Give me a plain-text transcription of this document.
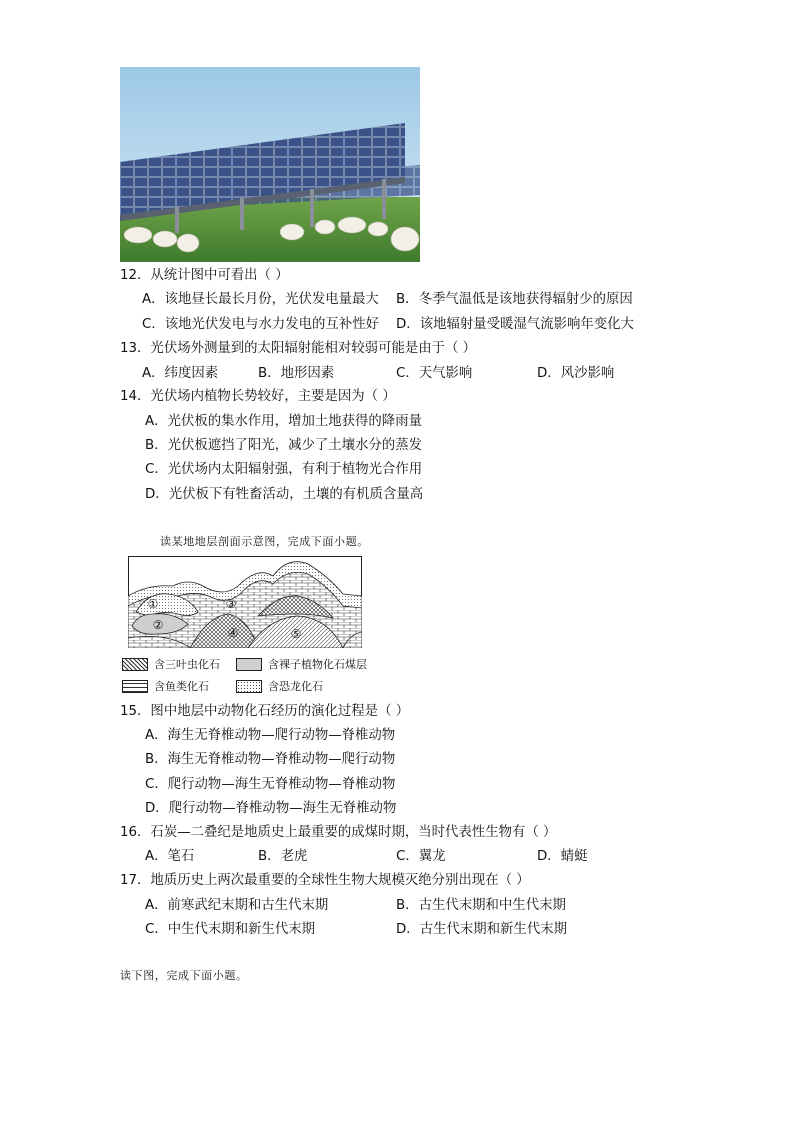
12．从统计图中可看出（ ）
A．该地昼长最长月份，光伏发电量最大 B．冬季气温低是该地获得辐射少的原因
C．该地光伏发电与水力发电的互补性好 D．该地辐射量受暖湿气流影响年变化大
13．光伏场外测量到的太阳辐射能相对较弱可能是由于（ ）
A．纬度因素	B．地形因素	C．天气影响	D．风沙影响
14．光伏场内植物长势较好，主要是因为（ ）
A．光伏板的集水作用，增加土地获得的降雨量
B．光伏板遮挡了阳光，减少了土壤水分的蒸发
C．光伏场内太阳辐射强，有利于植物光合作用
D．光伏板下有牲畜活动，土壤的有机质含量高
读某地地层剖面示意图，完成下面小题。
①
②
③
④	⑤
含三叶虫化石	含裸子植物化石煤层
含鱼类化石	含恐龙化石
15．图中地层中动物化石经历的演化过程是（ ）
A．海生无脊椎动物—爬行动物—脊椎动物
B．海生无脊椎动物—脊椎动物—爬行动物
C．爬行动物—海生无脊椎动物—脊椎动物
D．爬行动物—脊椎动物—海生无脊椎动物
16．石炭—二叠纪是地质史上最重要的成煤时期，当时代表性生物有（ ）
A．笔石	B．老虎	C．翼龙	D．蜻蜓
17．地质历史上两次最重要的全球性生物大规模灭绝分别出现在（ ）
A．前寒武纪末期和古生代末期	B．古生代末期和中生代末期
C．中生代末期和新生代末期	D．古生代末期和新生代末期
读下图，完成下面小题。
